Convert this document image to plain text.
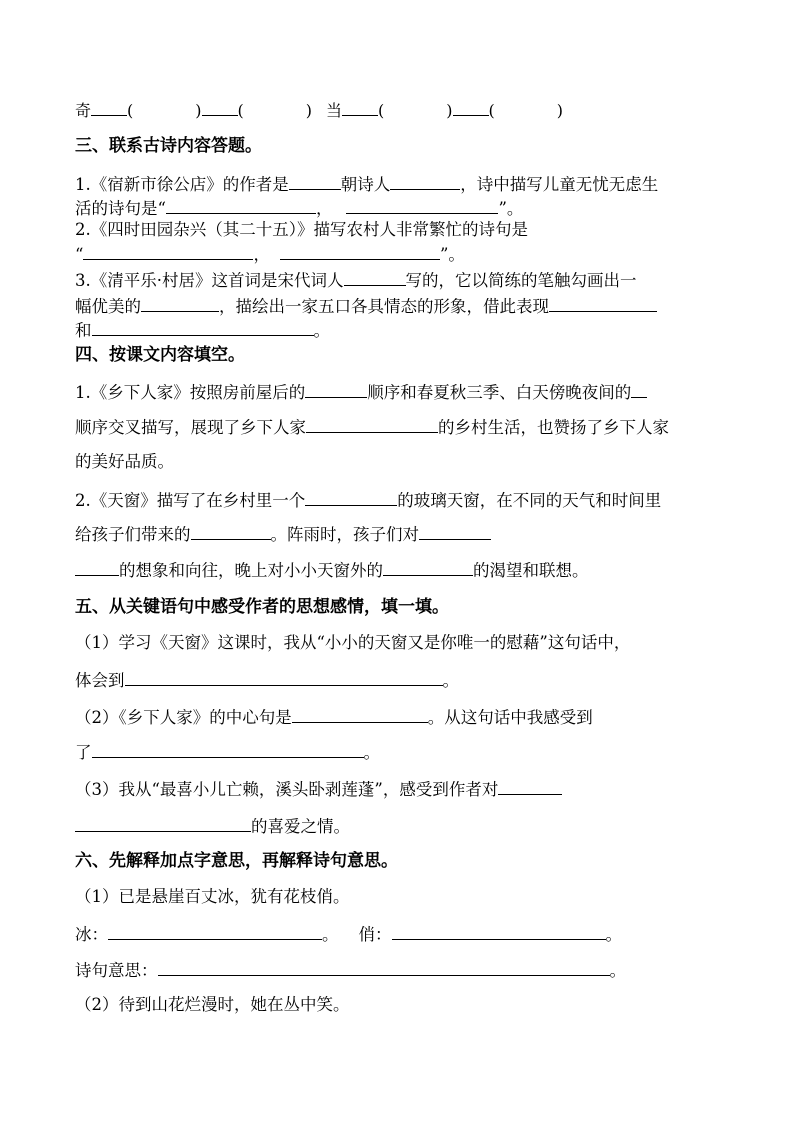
奇 (	) (	) 当 (	) (	)
三、联系古诗内容答题。
1.《宿新市徐公店》的作者是	朝诗人	，诗中描写儿童无忧无虑生
活的诗句是“	，	”。
2.《四时田园杂兴（其二十五）》描写农村人非常繁忙的诗句是
“	，	”。
3.《清平乐·村居》这首词是宋代词人	写的，它以简练的笔触勾画出一
幅优美的	，描绘出一家五口各具情态的形象，借此表现
和	。
四、按课文内容填空。
1.《乡下人家》按照房前屋后的	顺序和春夏秋三季、白天傍晚夜间的
顺序交叉描写，展现了乡下人家	的乡村生活，也赞扬了乡下人家
的美好品质。
2.《天窗》描写了在乡村里一个	的玻璃天窗，在不同的天气和时间里
给孩子们带来的	。阵雨时，孩子们对
的想象和向往，晚上对小小天窗外的	的渴望和联想。
五、从关键语句中感受作者的思想感情，填一填。
（1）学习《天窗》这课时，我从“小小的天窗又是你唯一的慰藉”这句话中，
体会到	。
（2）《乡下人家》的中心句是	。从这句话中我感受到
了	。
（3）我从“最喜小儿亡赖，溪头卧剥莲蓬”，感受到作者对
的喜爱之情。
六、先解释加点字意思，再解释诗句意思。
（1）已是悬崖百丈冰，犹有花枝俏。
冰：	。 俏：	。
诗句意思：	。
（2）待到山花烂漫时，她在丛中笑。
